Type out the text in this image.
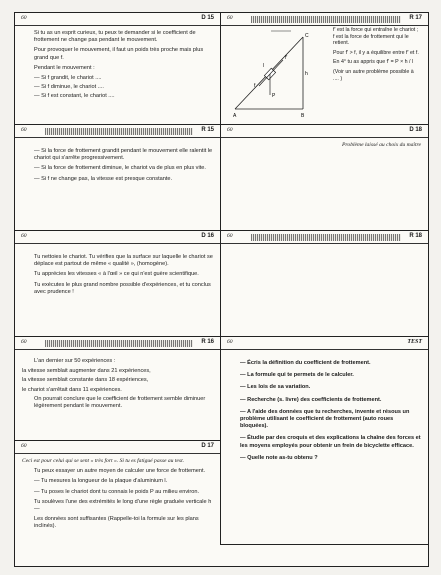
60	D 15

Si tu as un esprit curieux, tu peux te demander si le coefficient de frottement ne change pas pendant le mouvement.

Pour provoquer le mouvement, il faut un poids très proche mais plus grand que f.

Pendant le mouvement :

— Si f grandit, le chariot ....
— Si f diminue, le chariot ....
— Si f est constant, le chariot ....
60	R 17
A	B
C
f'
f
P
h
l

f' est la force qui entraîne le chariot ; f est la force de frottement qui le retient.

Pour f' > f, il y a équilibre entre f' et f.

En 4° tu as appris que f' = P × h / l

(Voir un autre problème possible à .... )

60	R 15

— Si la force de frottement grandit pendant le mouvement elle ralentit le chariot qui s'arrête progressivement.

— Si la force de frottement diminue, le chariot va de plus en plus vite.

— Si f ne change pas, la vitesse est presque constante.

60	D 18

Problème laissé au choix du maître

60	D 16

Tu nettoies le chariot. Tu vérifies que la surface sur laquelle le chariot se déplace est partout de même « qualité », (homogène).

Tu apprécies les vitesses « à l'œil » ce qui n'est guère scientifique.

Tu exécutes le plus grand nombre possible d'expériences, et tu conclus avec prudence !

60	R 18
60	R 16

L'an dernier sur 50 expériences :

la vitesse semblait augmenter dans 21 expériences,
la vitesse semblait constante dans 18 expériences,
le chariot s'arrêtait dans 11 expériences.

On pourrait conclure que le coefficient de frottement semble diminuer légèrement pendant le mouvement.

60	TEST
— Écris la définition du coefficient de frottement.
— La formule qui te permets de le calculer.
— Les lois de sa variation.
— Recherche (s. livre) des coefficients de frottement.
— A l'aide des données que tu recherches, invente et résous un problème utilisant le coefficient de frottement (auto roues bloquées).
— Étudie par des croquis et des explications la chaîne des forces et les moyens employés pour obtenir un frein de bicyclette efficace.
— Quelle note as-tu obtenu ?
60	D 17

Ceci est pour celui qui se sent « très fort ». Si tu es fatigué passe au test.

Tu peux essayer un autre moyen de calculer une force de frottement.

— Tu mesures la longueur de la plaque d'aluminium l.

— Tu poses le chariot dont tu connais le poids P au milieu environ.

Tu soulèves l'une des extrémités le long d'une règle graduée verticale h —

Les données sont suffisantes (Rappelle-toi la formule sur les plans inclinés).
